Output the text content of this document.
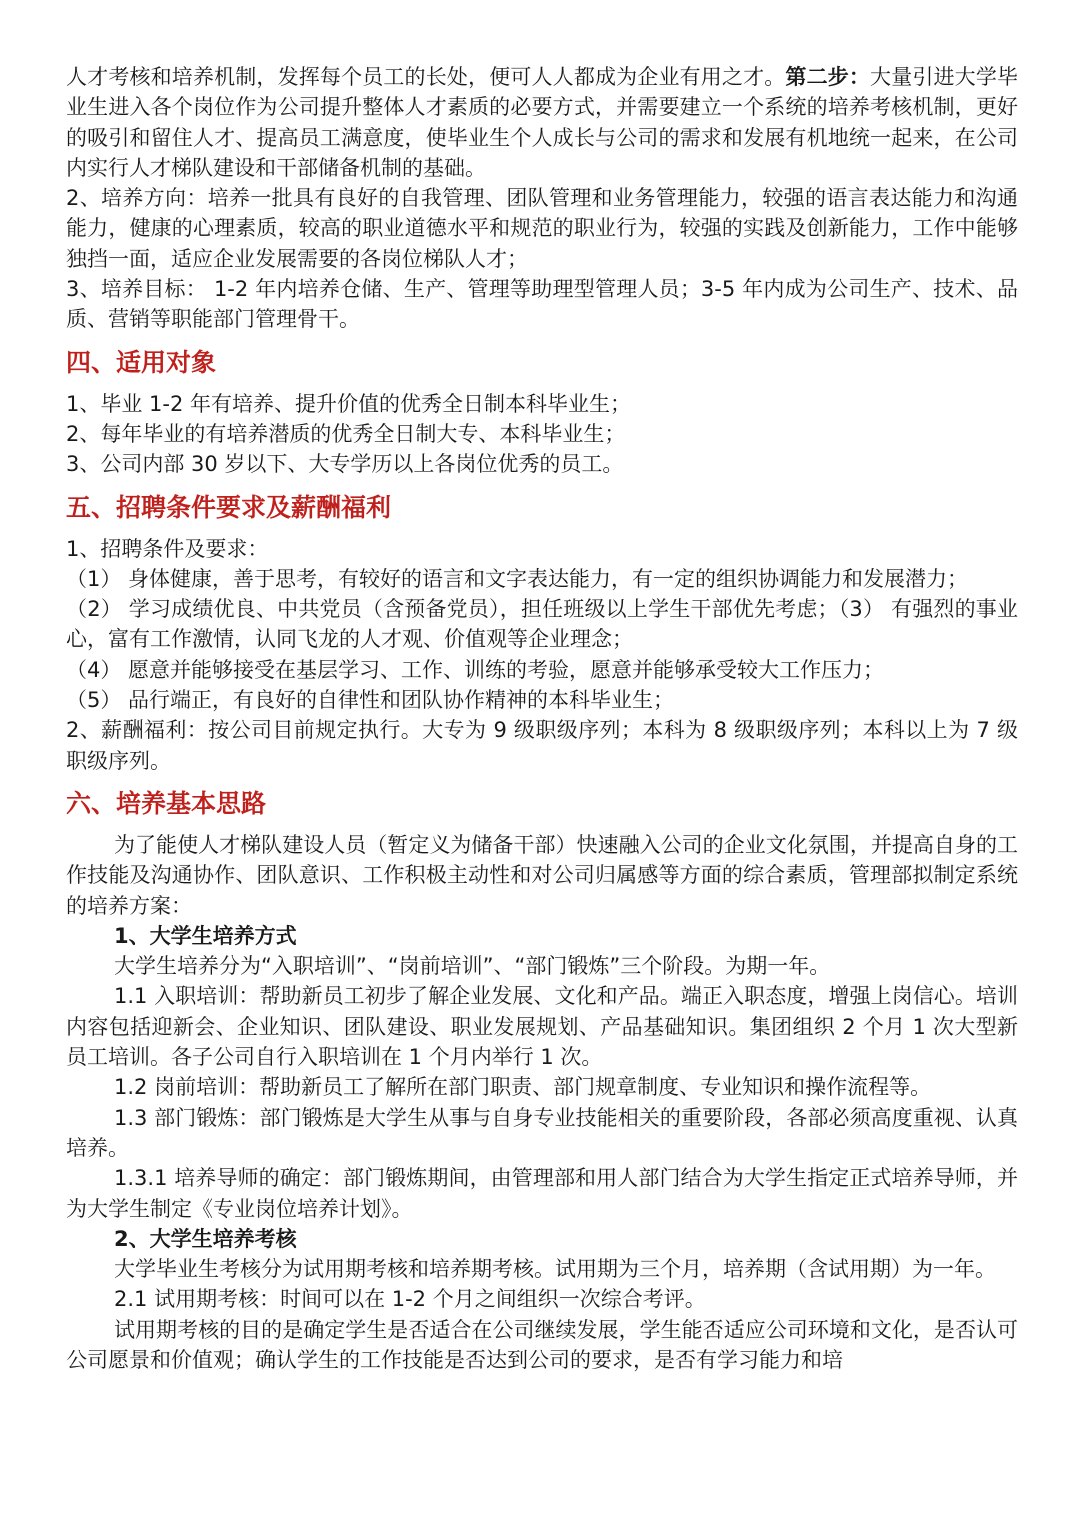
人才考核和培养机制，发挥每个员工的长处，便可人人都成为企业有用之才。第二步：大量引进大学毕业生进入各个岗位作为公司提升整体人才素质的必要方式，并需要建立一个系统的培养考核机制，更好的吸引和留住人才、提高员工满意度，使毕业生个人成长与公司的需求和发展有机地统一起来，在公司内实行人才梯队建设和干部储备机制的基础。

2、培养方向：培养一批具有良好的自我管理、团队管理和业务管理能力，较强的语言表达能力和沟通能力，健康的心理素质，较高的职业道德水平和规范的职业行为，较强的实践及创新能力，工作中能够独挡一面，适应企业发展需要的各岗位梯队人才；

3、培养目标： 1-2 年内培养仓储、生产、管理等助理型管理人员；3-5 年内成为公司生产、技术、品质、营销等职能部门管理骨干。

四、适用对象

1、毕业 1-2 年有培养、提升价值的优秀全日制本科毕业生；

2、每年毕业的有培养潜质的优秀全日制大专、本科毕业生；

3、公司内部 30 岁以下、大专学历以上各岗位优秀的员工。

五、招聘条件要求及薪酬福利

1、招聘条件及要求：

（1） 身体健康，善于思考，有较好的语言和文字表达能力，有一定的组织协调能力和发展潜力；

（2） 学习成绩优良、中共党员（含预备党员），担任班级以上学生干部优先考虑；（3） 有强烈的事业心，富有工作激情，认同飞龙的人才观、价值观等企业理念；

（4） 愿意并能够接受在基层学习、工作、训练的考验，愿意并能够承受较大工作压力；

（5） 品行端正，有良好的自律性和团队协作精神的本科毕业生；

2、薪酬福利：按公司目前规定执行。大专为 9 级职级序列；本科为 8 级职级序列；本科以上为 7 级职级序列。

六、培养基本思路

为了能使人才梯队建设人员（暂定义为储备干部）快速融入公司的企业文化氛围，并提高自身的工作技能及沟通协作、团队意识、工作积极主动性和对公司归属感等方面的综合素质，管理部拟制定系统的培养方案：

1、大学生培养方式

大学生培养分为“入职培训”、“岗前培训”、“部门锻炼”三个阶段。为期一年。

1.1 入职培训：帮助新员工初步了解企业发展、文化和产品。端正入职态度，增强上岗信心。培训内容包括迎新会、企业知识、团队建设、职业发展规划、产品基础知识。集团组织 2 个月 1 次大型新员工培训。各子公司自行入职培训在 1 个月内举行 1 次。

1.2 岗前培训：帮助新员工了解所在部门职责、部门规章制度、专业知识和操作流程等。

1.3 部门锻炼：部门锻炼是大学生从事与自身专业技能相关的重要阶段，各部必须高度重视、认真培养。

1.3.1 培养导师的确定：部门锻炼期间，由管理部和用人部门结合为大学生指定正式培养导师，并为大学生制定《专业岗位培养计划》。

2、大学生培养考核

大学毕业生考核分为试用期考核和培养期考核。试用期为三个月，培养期（含试用期）为一年。

2.1 试用期考核：时间可以在 1-2 个月之间组织一次综合考评。

试用期考核的目的是确定学生是否适合在公司继续发展，学生能否适应公司环境和文化，是否认可公司愿景和价值观；确认学生的工作技能是否达到公司的要求，是否有学习能力和培
